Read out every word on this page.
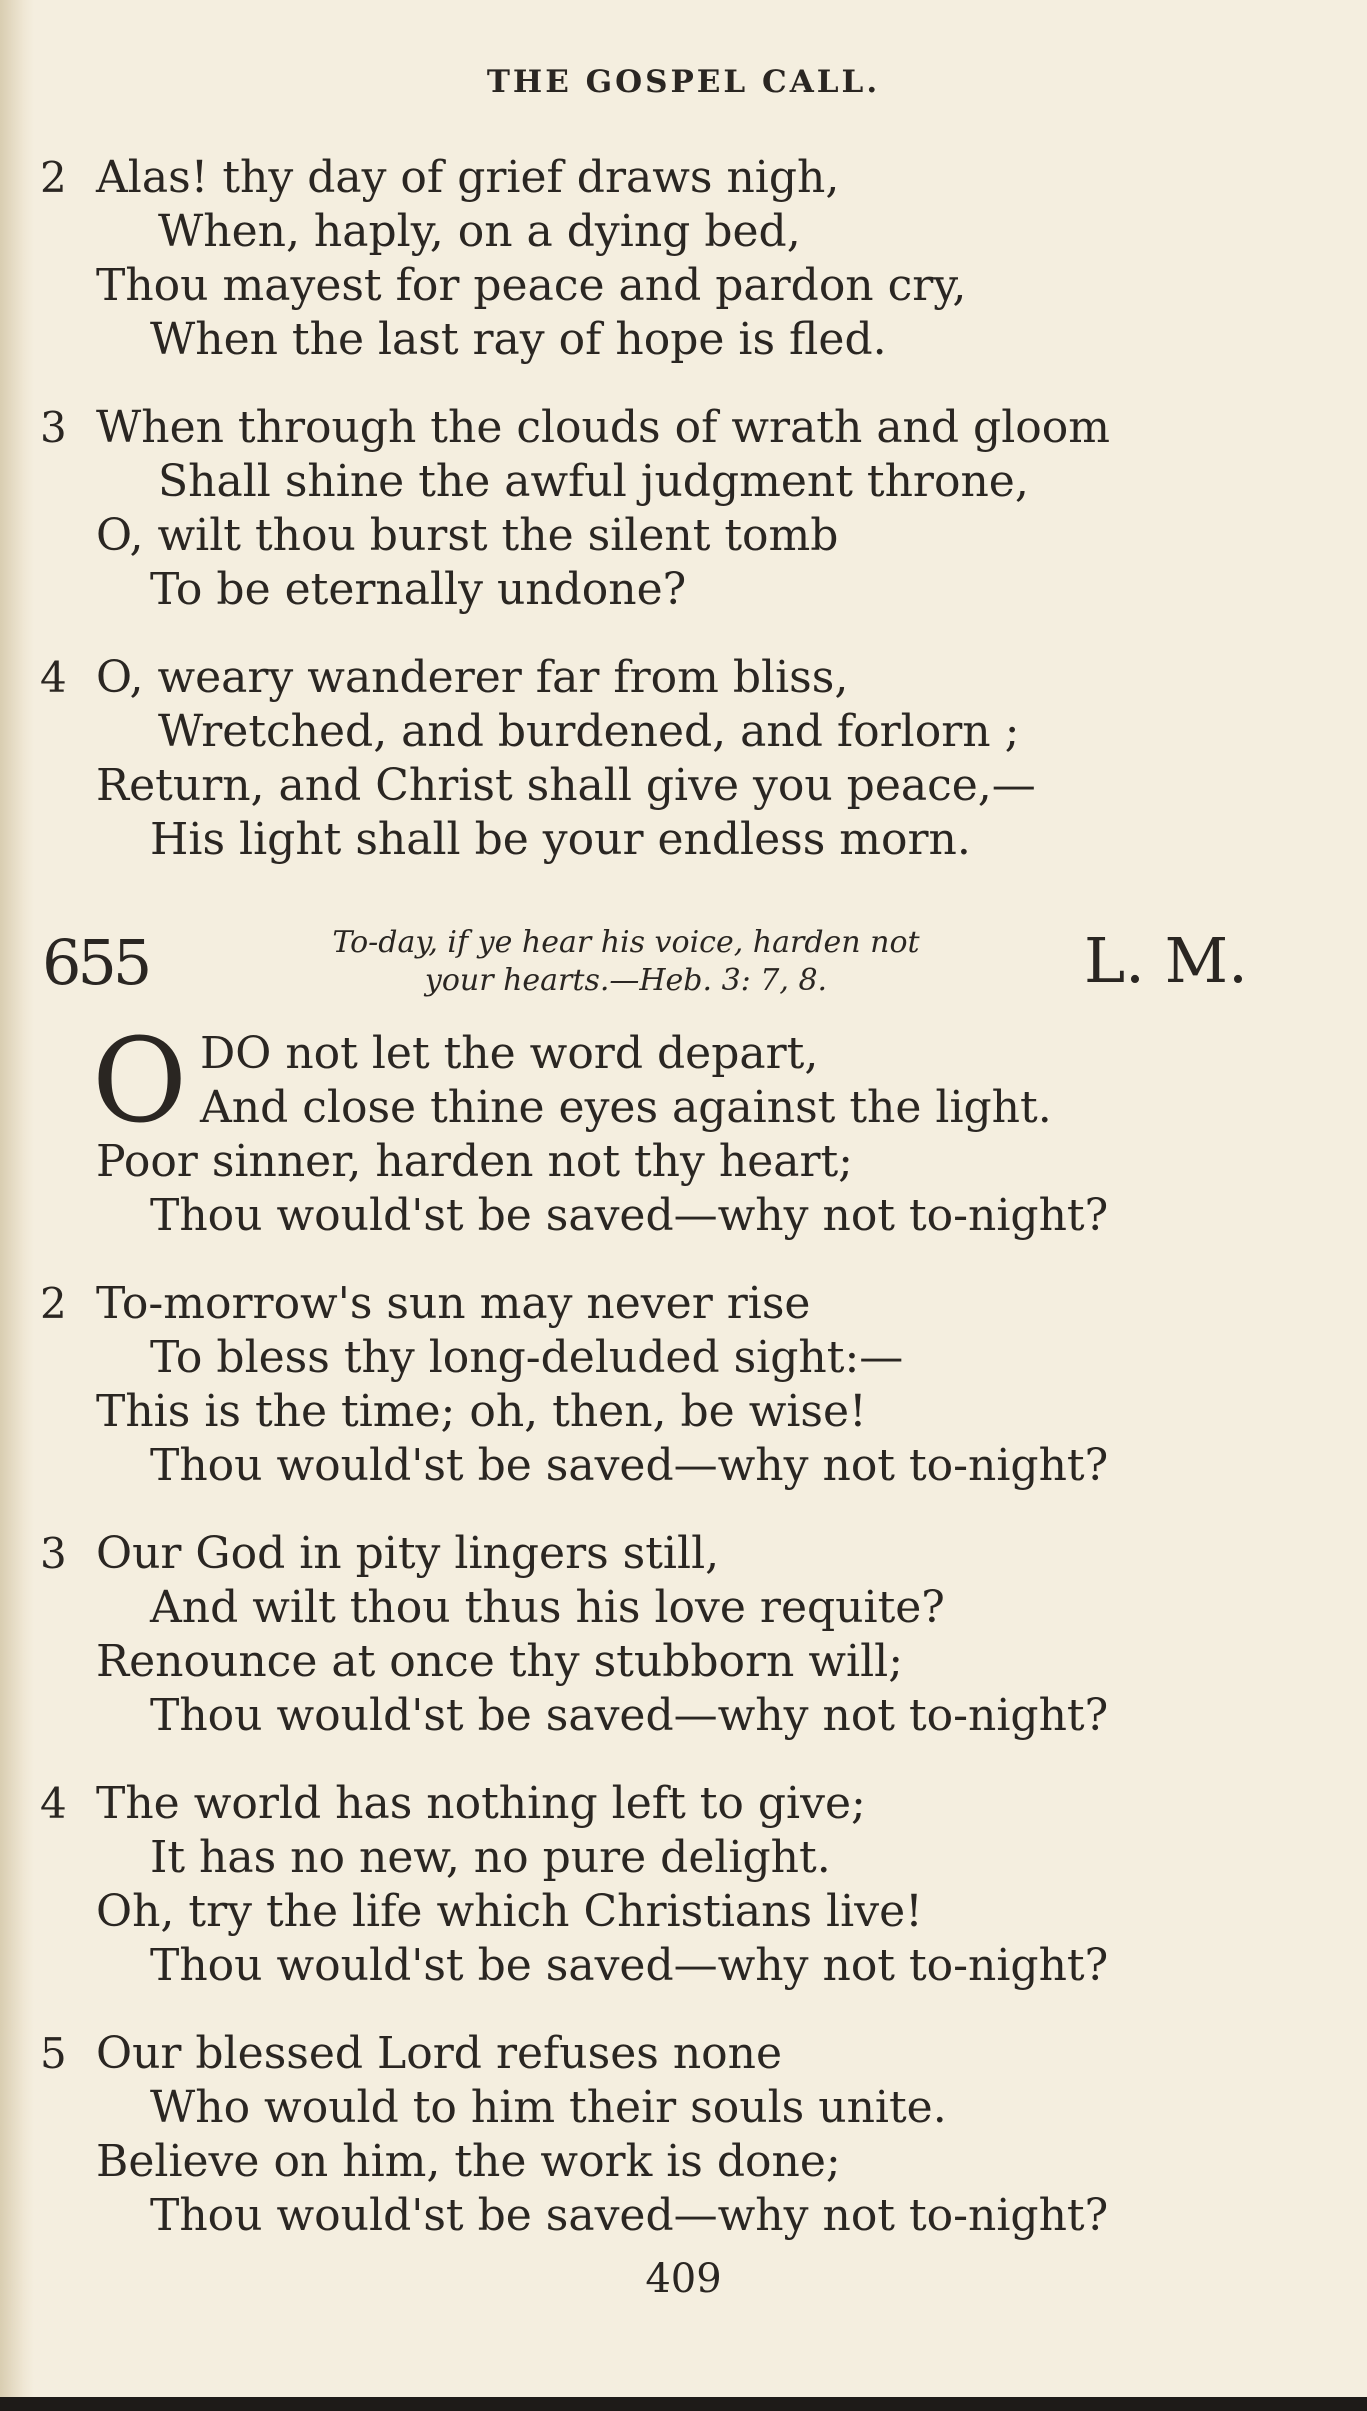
THE GOSPEL CALL.
2 Alas! thy day of grief draws nigh,
When, haply, on a dying bed,
Thou mayest for peace and pardon cry,
When the last ray of hope is fled.
3 When through the clouds of wrath and gloom
Shall shine the awful judgment throne,
O, wilt thou burst the silent tomb
To be eternally undone?
4 O, weary wanderer far from bliss,
Wretched, and burdened, and forlorn ;
Return, and Christ shall give you peace,—
His light shall be your endless morn.
655	To-day, if ye hear his voice, harden not
your hearts.—Heb. 3: 7, 8.	L. M.
O DO not let the word depart,
And close thine eyes against the light.
Poor sinner, harden not thy heart;
Thou would'st be saved—why not to-night?
2 To-morrow's sun may never rise
To bless thy long-deluded sight:—
This is the time; oh, then, be wise!
Thou would'st be saved—why not to-night?
3 Our God in pity lingers still,
And wilt thou thus his love requite?
Renounce at once thy stubborn will;
Thou would'st be saved—why not to-night?
4 The world has nothing left to give;
It has no new, no pure delight.
Oh, try the life which Christians live!
Thou would'st be saved—why not to-night?
5 Our blessed Lord refuses none
Who would to him their souls unite.
Believe on him, the work is done;
Thou would'st be saved—why not to-night?
409
